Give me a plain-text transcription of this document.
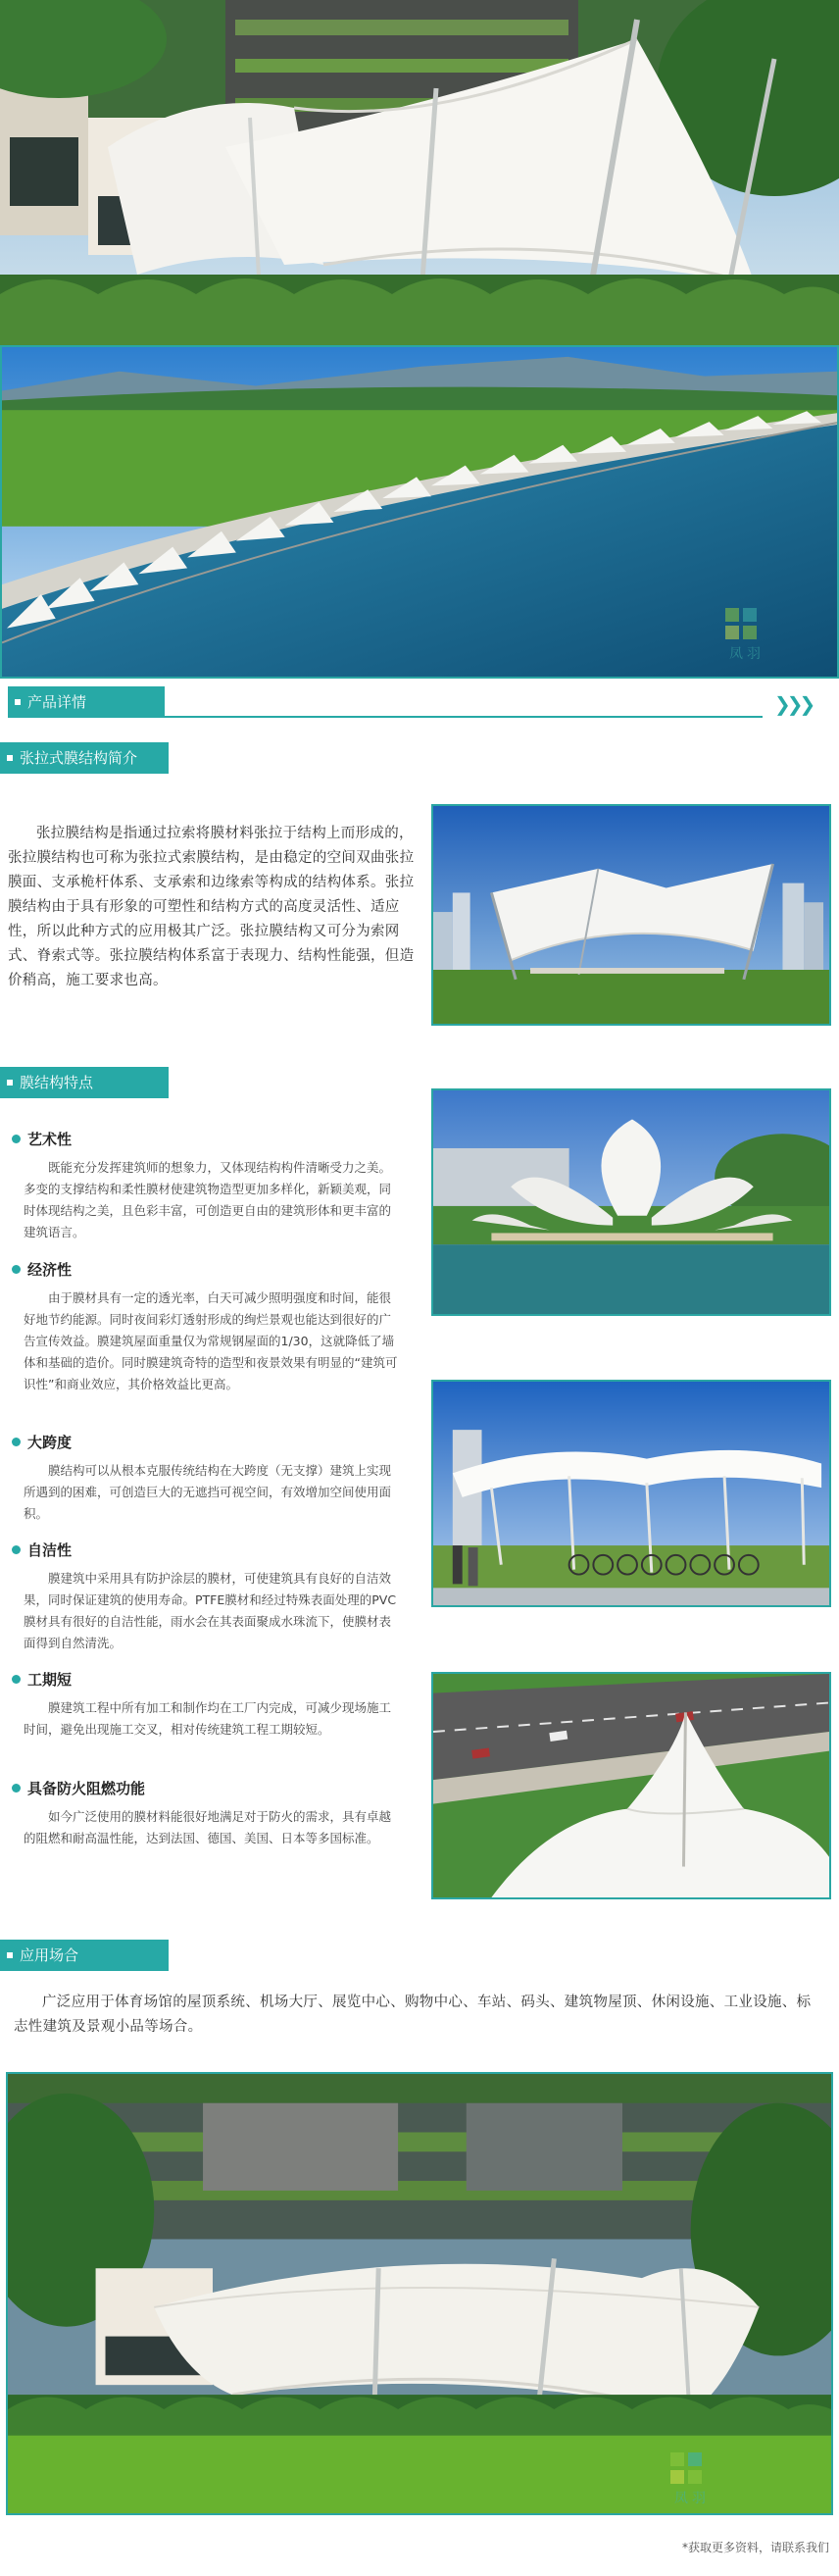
凤羽
产品详情	❯❯❯
张拉式膜结构简介

张拉膜结构是指通过拉索将膜材料张拉于结构上而形成的，张拉膜结构也可称为张拉式索膜结构，是由稳定的空间双曲张拉膜面、支承桅杆体系、支承索和边缘索等构成的结构体系。张拉膜结构由于具有形象的可塑性和结构方式的高度灵活性、适应性，所以此种方式的应用极其广泛。张拉膜结构又可分为索网式、脊索式等。张拉膜结构体系富于表现力、结构性能强，但造价稍高，施工要求也高。

膜结构特点
艺术性

既能充分发挥建筑师的想象力，又体现结构构件清晰受力之美。多变的支撑结构和柔性膜材使建筑物造型更加多样化，新颖美观，同时体现结构之美，且色彩丰富，可创造更自由的建筑形体和更丰富的建筑语言。

经济性

由于膜材具有一定的透光率，白天可减少照明强度和时间，能很好地节约能源。同时夜间彩灯透射形成的绚烂景观也能达到很好的广告宣传效益。膜建筑屋面重量仅为常规钢屋面的1/30，这就降低了墙体和基础的造价。同时膜建筑奇特的造型和夜景效果有明显的“建筑可识性”和商业效应，其价格效益比更高。

大跨度

膜结构可以从根本克服传统结构在大跨度（无支撑）建筑上实现所遇到的困难，可创造巨大的无遮挡可视空间，有效增加空间使用面积。

自洁性

膜建筑中采用具有防护涂层的膜材，可使建筑具有良好的自洁效果，同时保证建筑的使用寿命。PTFE膜材和经过特殊表面处理的PVC膜材具有很好的自洁性能，雨水会在其表面聚成水珠流下，使膜材表面得到自然清洗。

工期短

膜建筑工程中所有加工和制作均在工厂内完成，可减少现场施工时间，避免出现施工交叉，相对传统建筑工程工期较短。

具备防火阻燃功能

如今广泛使用的膜材料能很好地满足对于防火的需求，具有卓越的阻燃和耐高温性能，达到法国、德国、美国、日本等多国标准。

应用场合

广泛应用于体育场馆的屋顶系统、机场大厅、展览中心、购物中心、车站、码头、建筑物屋顶、休闲设施、工业设施、标志性建筑及景观小品等场合。

凤羽
*获取更多资料，请联系我们
